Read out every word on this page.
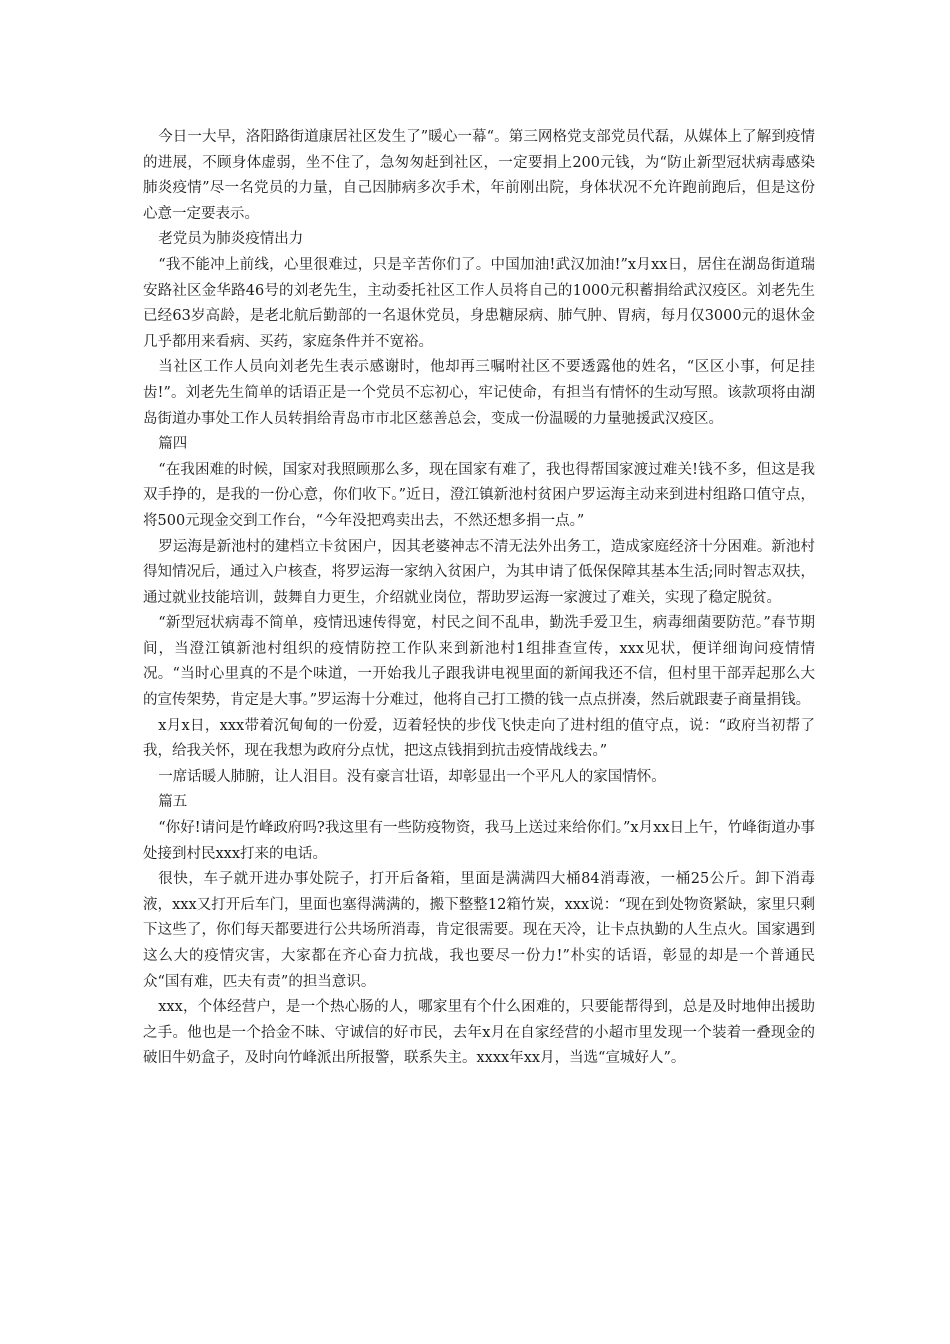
今日一大早，洛阳路街道康居社区发生了”暖心一幕“。第三网格党支部党员代磊，从媒体上了解到疫情的进展，不顾身体虚弱，坐不住了，急匆匆赶到社区，一定要捐上200元钱，为“防止新型冠状病毒感染肺炎疫情”尽一名党员的力量，自己因肺病多次手术，年前刚出院，身体状况不允许跑前跑后，但是这份心意一定要表示。

老党员为肺炎疫情出力

“我不能冲上前线，心里很难过，只是辛苦你们了。中国加油!武汉加油!”x月xx日，居住在湖岛街道瑞安路社区金华路46号的刘老先生，主动委托社区工作人员将自己的1000元积蓄捐给武汉疫区。刘老先生已经63岁高龄，是老北航后勤部的一名退休党员，身患糖尿病、肺气肿、胃病，每月仅3000元的退休金几乎都用来看病、买药，家庭条件并不宽裕。

当社区工作人员向刘老先生表示感谢时，他却再三嘱咐社区不要透露他的姓名，“区区小事，何足挂齿!”。刘老先生简单的话语正是一个党员不忘初心，牢记使命，有担当有情怀的生动写照。该款项将由湖岛街道办事处工作人员转捐给青岛市市北区慈善总会，变成一份温暖的力量驰援武汉疫区。

篇四

“在我困难的时候，国家对我照顾那么多，现在国家有难了，我也得帮国家渡过难关!钱不多，但这是我双手挣的，是我的一份心意，你们收下。”近日，澄江镇新池村贫困户罗运海主动来到进村组路口值守点，将500元现金交到工作台，“今年没把鸡卖出去，不然还想多捐一点。”

罗运海是新池村的建档立卡贫困户，因其老婆神志不清无法外出务工，造成家庭经济十分困难。新池村得知情况后，通过入户核查，将罗运海一家纳入贫困户，为其申请了低保保障其基本生活;同时智志双扶，通过就业技能培训，鼓舞自力更生，介绍就业岗位，帮助罗运海一家渡过了难关，实现了稳定脱贫。

“新型冠状病毒不简单，疫情迅速传得宽，村民之间不乱串，勤洗手爱卫生，病毒细菌要防范。”春节期间，当澄江镇新池村组织的疫情防控工作队来到新池村1组排查宣传，xxx见状，便详细询问疫情情况。“当时心里真的不是个味道，一开始我儿子跟我讲电视里面的新闻我还不信，但村里干部弄起那么大的宣传架势，肯定是大事。”罗运海十分难过，他将自己打工攒的钱一点点拼凑，然后就跟妻子商量捐钱。

x月x日，xxx带着沉甸甸的一份爱，迈着轻快的步伐飞快走向了进村组的值守点，说：“政府当初帮了我，给我关怀，现在我想为政府分点忧，把这点钱捐到抗击疫情战线去。”

一席话暖人肺腑，让人泪目。没有豪言壮语，却彰显出一个平凡人的家国情怀。

篇五

“你好!请问是竹峰政府吗?我这里有一些防疫物资，我马上送过来给你们。”x月xx日上午，竹峰街道办事处接到村民xxx打来的电话。

很快，车子就开进办事处院子，打开后备箱，里面是满满四大桶84消毒液，一桶25公斤。卸下消毒液，xxx又打开后车门，里面也塞得满满的，搬下整整12箱竹炭，xxx说：“现在到处物资紧缺，家里只剩下这些了，你们每天都要进行公共场所消毒，肯定很需要。现在天冷，让卡点执勤的人生点火。国家遇到这么大的疫情灾害，大家都在齐心奋力抗战，我也要尽一份力!”朴实的话语，彰显的却是一个普通民众“国有难，匹夫有责”的担当意识。

xxx，个体经营户，是一个热心肠的人，哪家里有个什么困难的，只要能帮得到，总是及时地伸出援助之手。他也是一个拾金不昧、守诚信的好市民，去年x月在自家经营的小超市里发现一个装着一叠现金的破旧牛奶盒子，及时向竹峰派出所报警，联系失主。xxxx年xx月，当选“宣城好人”。
